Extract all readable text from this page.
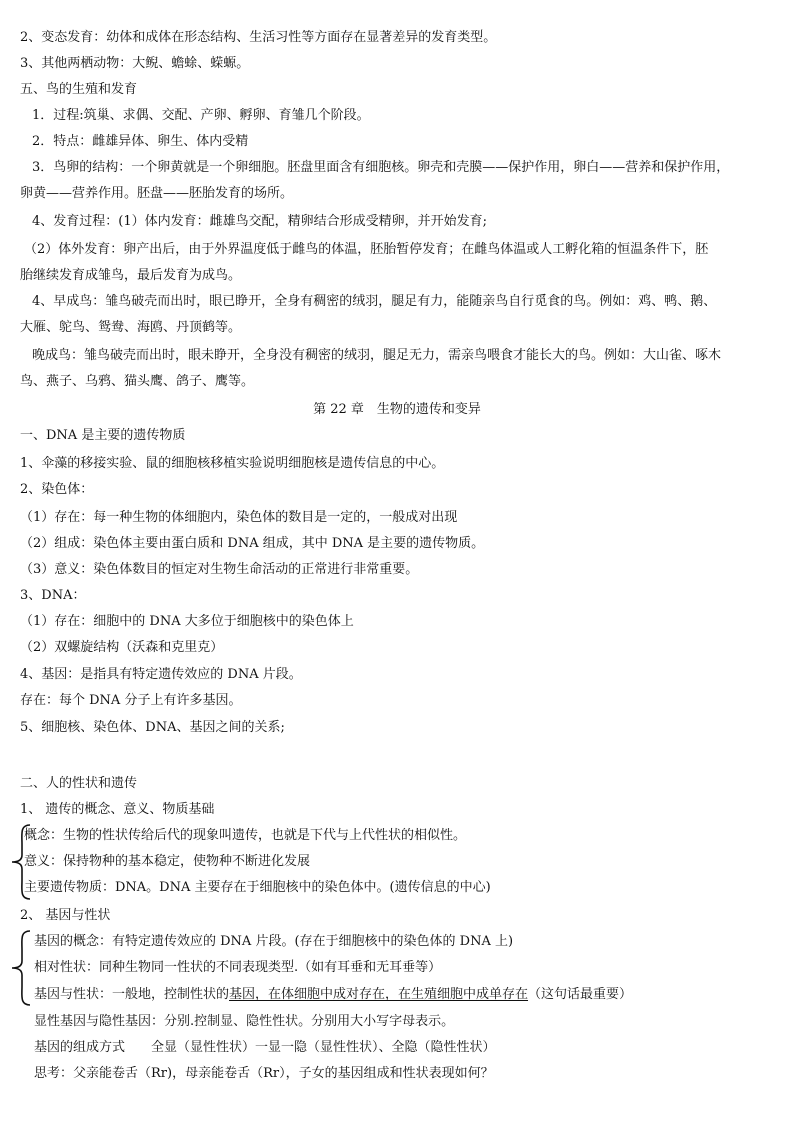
2、变态发育：幼体和成体在形态结构、生活习性等方面存在显著差异的发育类型。
3、其他两栖动物：大鲵、蟾蜍、蝾螈。
五、鸟的生殖和发育
1．过程:筑巢、求偶、交配、产卵、孵卵、育雏几个阶段。
2．特点：雌雄异体、卵生、体内受精
3．鸟卵的结构：一个卵黄就是一个卵细胞。胚盘里面含有细胞核。卵壳和壳膜——保护作用，卵白——营养和保护作用，
卵黄——营养作用。胚盘——胚胎发育的场所。
4、发育过程：(1）体内发育：雌雄鸟交配，精卵结合形成受精卵，并开始发育;
（2）体外发育：卵产出后，由于外界温度低于雌鸟的体温，胚胎暂停发育；在雌鸟体温或人工孵化箱的恒温条件下，胚
胎继续发育成雏鸟，最后发育为成鸟。
4、早成鸟：雏鸟破壳而出时，眼已睁开，全身有稠密的绒羽，腿足有力，能随亲鸟自行觅食的鸟。例如：鸡、鸭、鹅、
大雁、鸵鸟、鸳鸯、海鸥、丹顶鹤等。
晚成鸟：雏鸟破壳而出时，眼未睁开，全身没有稠密的绒羽，腿足无力，需亲鸟喂食才能长大的鸟。例如：大山雀、啄木
鸟、燕子、乌鸦、猫头鹰、鸽子、鹰等。
第 22 章　生物的遗传和变异
一、DNA 是主要的遗传物质
1、伞藻的移接实验、鼠的细胞核移植实验说明细胞核是遗传信息的中心。
2、染色体：
（1）存在：每一种生物的体细胞内，染色体的数目是一定的，一般成对出现
（2）组成：染色体主要由蛋白质和 DNA 组成，其中 DNA 是主要的遗传物质。
（3）意义：染色体数目的恒定对生物生命活动的正常进行非常重要。
3、DNA：
（1）存在：细胞中的 DNA 大多位于细胞核中的染色体上
（2）双螺旋结构（沃森和克里克）
4、基因：是指具有特定遗传效应的 DNA 片段。
存在：每个 DNA 分子上有许多基因。
5、细胞核、染色体、DNA、基因之间的关系;
二、人的性状和遗传
1、 遗传的概念、意义、物质基础
概念：生物的性状传给后代的现象叫遗传，也就是下代与上代性状的相似性。
意义：保持物种的基本稳定，使物种不断进化发展
主要遗传物质：DNA。DNA 主要存在于细胞核中的染色体中。(遗传信息的中心)
2、 基因与性状
基因的概念：有特定遗传效应的 DNA 片段。(存在于细胞核中的染色体的 DNA 上)
相对性状：同种生物同一性状的不同表现类型.（如有耳垂和无耳垂等）
基因与性状：一般地，控制性状的基因，在体细胞中成对存在，在生殖细胞中成单存在（这句话最重要）
显性基因与隐性基因：分别.控制显、隐性性状。分别用大小写字母表示。
基因的组成方式　　全显（显性性状）一显一隐（显性性状）、全隐（隐性性状）
思考：父亲能卷舌（Rr)，母亲能卷舌（Rr），子女的基因组成和性状表现如何？
